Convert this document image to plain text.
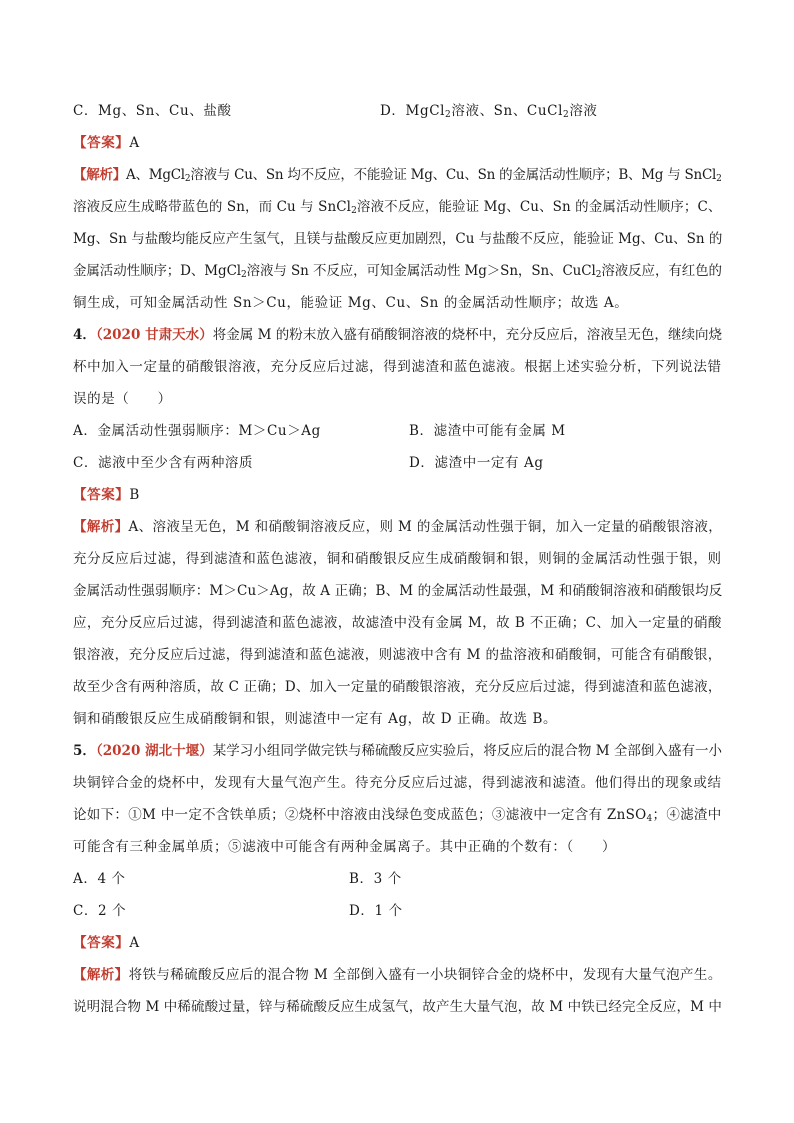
C．Mg、Sn、Cu、盐酸	D．MgCl$_2$溶液、Sn、CuCl$_2$溶液
【答案】A
【解析】A、MgCl$_2$溶液与 Cu、Sn 均不反应，不能验证 Mg、Cu、Sn 的金属活动性顺序；B、Mg 与 SnCl$_2$
溶液反应生成略带蓝色的 Sn，而 Cu 与 SnCl$_2$溶液不反应，能验证 Mg、Cu、Sn 的金属活动性顺序；C、
Mg、Sn 与盐酸均能反应产生氢气，且镁与盐酸反应更加剧烈，Cu 与盐酸不反应，能验证 Mg、Cu、Sn 的
金属活动性顺序；D、MgCl$_2$溶液与 Sn 不反应，可知金属活动性 Mg＞Sn，Sn、CuCl$_2$溶液反应，有红色的
铜生成，可知金属活动性 Sn＞Cu，能验证 Mg、Cu、Sn 的金属活动性顺序；故选 A。
4．（2020 甘肃天水）将金属 M 的粉末放入盛有硝酸铜溶液的烧杯中，充分反应后，溶液呈无色，继续向烧
杯中加入一定量的硝酸银溶液，充分反应后过滤，得到滤渣和蓝色滤液。根据上述实验分析，下列说法错
误的是（　　）
A．金属活动性强弱顺序：M＞Cu＞Ag	B．滤渣中可能有金属 M
C．滤液中至少含有两种溶质	D．滤渣中一定有 Ag
【答案】B
【解析】A、溶液呈无色，M 和硝酸铜溶液反应，则 M 的金属活动性强于铜，加入一定量的硝酸银溶液，
充分反应后过滤，得到滤渣和蓝色滤液，铜和硝酸银反应生成硝酸铜和银，则铜的金属活动性强于银，则
金属活动性强弱顺序：M＞Cu＞Ag，故 A 正确；B、M 的金属活动性最强，M 和硝酸铜溶液和硝酸银均反
应，充分反应后过滤，得到滤渣和蓝色滤液，故滤渣中没有金属 M，故 B 不正确；C、加入一定量的硝酸
银溶液，充分反应后过滤，得到滤渣和蓝色滤液，则滤液中含有 M 的盐溶液和硝酸铜，可能含有硝酸银，
故至少含有两种溶质，故 C 正确；D、加入一定量的硝酸银溶液，充分反应后过滤，得到滤渣和蓝色滤液，
铜和硝酸银反应生成硝酸铜和银，则滤渣中一定有 Ag，故 D 正确。故选 B。
5．（2020 湖北十堰）某学习小组同学做完铁与稀硫酸反应实验后，将反应后的混合物 M 全部倒入盛有一小
块铜锌合金的烧杯中，发现有大量气泡产生。待充分反应后过滤，得到滤液和滤渣。他们得出的现象或结
论如下：①M 中一定不含铁单质；②烧杯中溶液由浅绿色变成蓝色；③滤液中一定含有 ZnSO$_4$；④滤渣中
可能含有三种金属单质；⑤滤液中可能含有两种金属离子。其中正确的个数有：（　　）
A．4 个	B．3 个
C．2 个	D．1 个
【答案】A
【解析】将铁与稀硫酸反应后的混合物 M 全部倒入盛有一小块铜锌合金的烧杯中，发现有大量气泡产生。
说明混合物 M 中稀硫酸过量，锌与稀硫酸反应生成氢气，故产生大量气泡，故 M 中铁已经完全反应，M 中
